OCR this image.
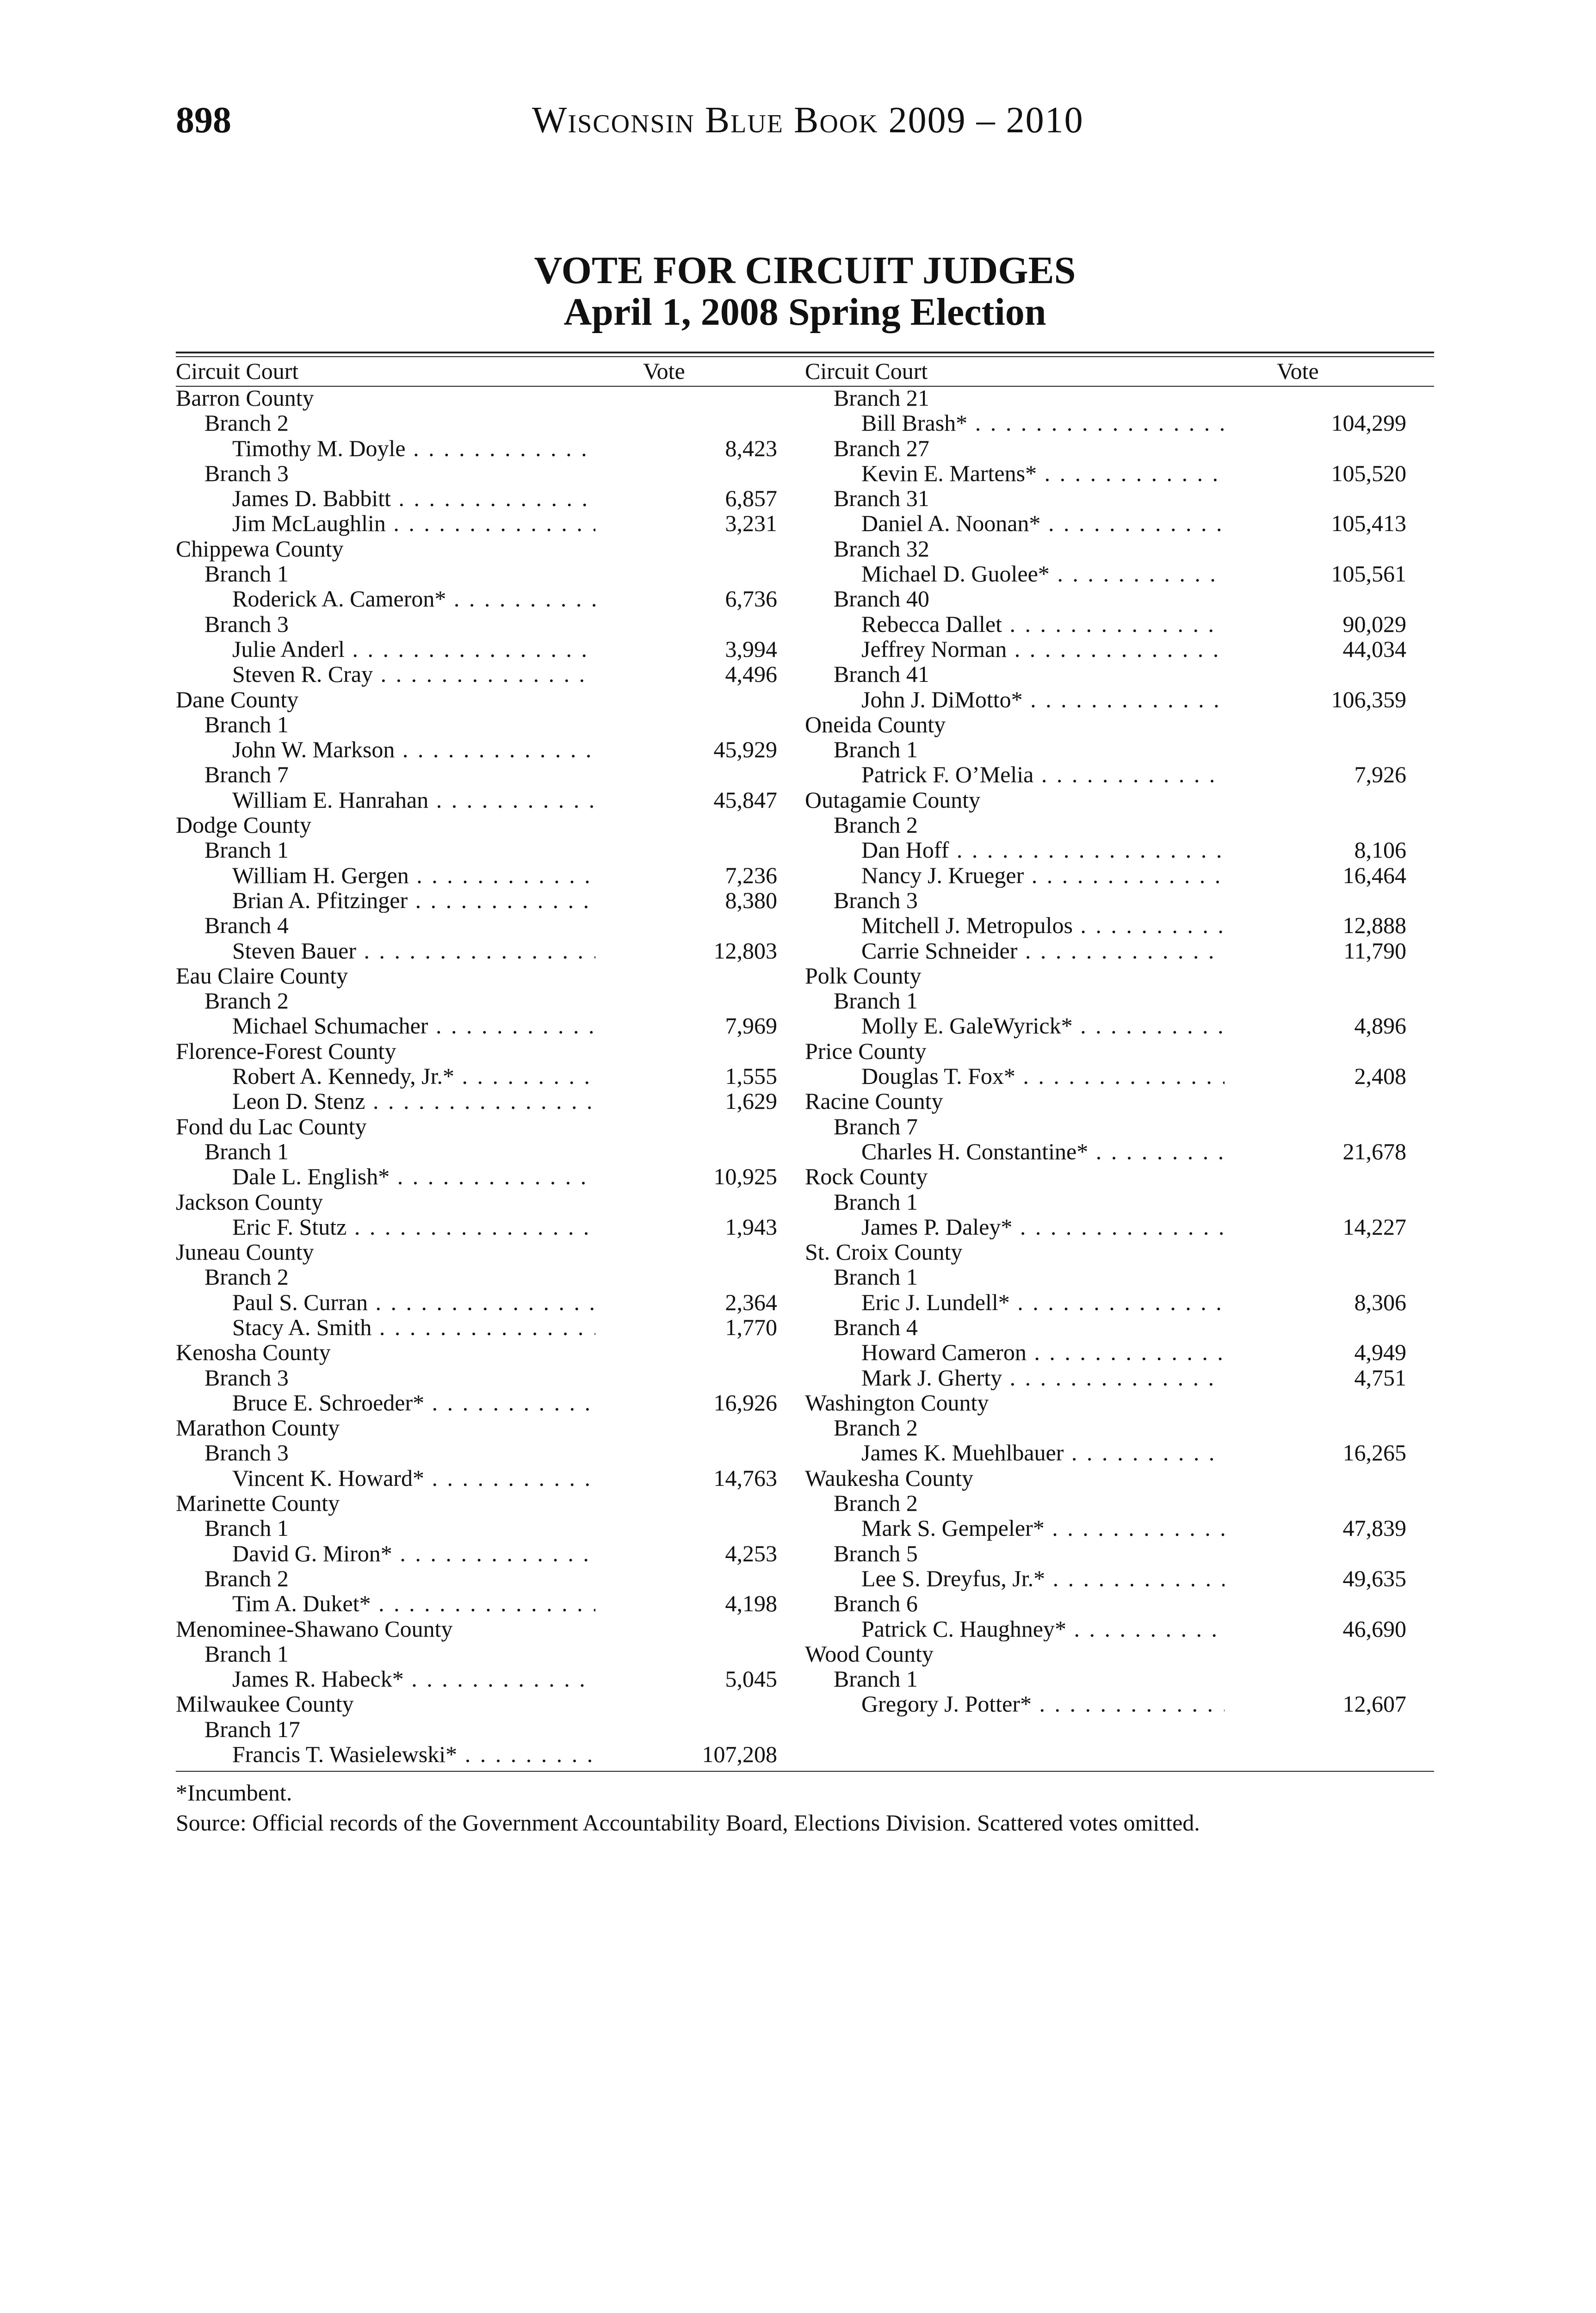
898	Wisconsin Blue Book 2009 – 2010
VOTE FOR CIRCUIT JUDGES
April 1, 2008 Spring Election
Circuit Court	Vote	Circuit Court	Vote
Barron County
Branch 2
Timothy M. Doyle . . .	8,423
Branch 3
James D. Babbitt . . .	6,857
Jim McLaughlin . . .	3,231
Chippewa County
Branch 1
Roderick A. Cameron* . . .	6,736
Branch 3
Julie Anderl . . .	3,994
Steven R. Cray . . .	4,496
Dane County
Branch 1
John W. Markson . . .	45,929
Branch 7
William E. Hanrahan . . .	45,847
Dodge County
Branch 1
William H. Gergen . . .	7,236
Brian A. Pfitzinger . . .	8,380
Branch 4
Steven Bauer . . .	12,803
Eau Claire County
Branch 2
Michael Schumacher . . .	7,969
Florence-Forest County
Robert A. Kennedy, Jr.* . . .	1,555
Leon D. Stenz . . .	1,629
Fond du Lac County
Branch 1
Dale L. English* . . .	10,925
Jackson County
Eric F. Stutz . . .	1,943
Juneau County
Branch 2
Paul S. Curran . . .	2,364
Stacy A. Smith . . .	1,770
Kenosha County
Branch 3
Bruce E. Schroeder* . . .	16,926
Marathon County
Branch 3
Vincent K. Howard* . . .	14,763
Marinette County
Branch 1
David G. Miron* . . .	4,253
Branch 2
Tim A. Duket* . . .	4,198
Menominee-Shawano County
Branch 1
James R. Habeck* . . .	5,045
Milwaukee County
Branch 17
Francis T. Wasielewski* . . .	107,208
Branch 21
Bill Brash* . . .	104,299
Branch 27
Kevin E. Martens* . . .	105,520
Branch 31
Daniel A. Noonan* . . .	105,413
Branch 32
Michael D. Guolee* . . .	105,561
Branch 40
Rebecca Dallet . . .	90,029
Jeffrey Norman . . .	44,034
Branch 41
John J. DiMotto* . . .	106,359
Oneida County
Branch 1
Patrick F. O’Melia . . .	7,926
Outagamie County
Branch 2
Dan Hoff . . .	8,106
Nancy J. Krueger . . .	16,464
Branch 3
Mitchell J. Metropulos . . .	12,888
Carrie Schneider . . .	11,790
Polk County
Branch 1
Molly E. GaleWyrick* . . .	4,896
Price County
Douglas T. Fox* . . .	2,408
Racine County
Branch 7
Charles H. Constantine* . . .	21,678
Rock County
Branch 1
James P. Daley* . . .	14,227
St. Croix County
Branch 1
Eric J. Lundell* . . .	8,306
Branch 4
Howard Cameron . . .	4,949
Mark J. Gherty . . .	4,751
Washington County
Branch 2
James K. Muehlbauer . . .	16,265
Waukesha County
Branch 2
Mark S. Gempeler* . . .	47,839
Branch 5
Lee S. Dreyfus, Jr.* . . .	49,635
Branch 6
Patrick C. Haughney* . . .	46,690
Wood County
Branch 1
Gregory J. Potter* . . .	12,607
*Incumbent.
Source: Official records of the Government Accountability Board, Elections Division. Scattered votes omitted.
